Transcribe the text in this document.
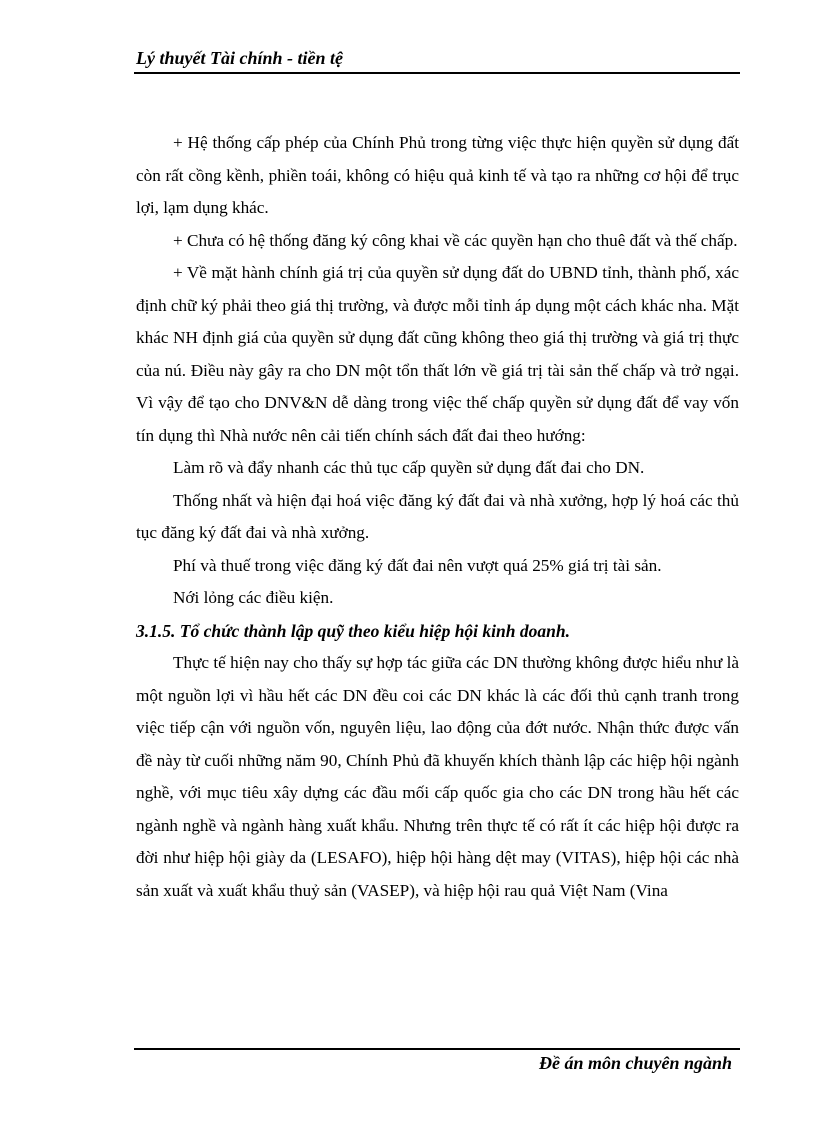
Lý thuyết Tài chính - tiền tệ

+ Hệ thống cấp phép của Chính Phủ trong từng việc thực hiện quyền sử dụng đất còn rất cồng kềnh, phiền toái, không có hiệu quả kinh tế và tạo ra những cơ hội để trục lợi, lạm dụng khác.

+ Chưa có hệ thống đăng ký công khai về các quyền hạn cho thuê đất và thế chấp.

+ Về mặt hành chính giá trị của quyền sử dụng đất do UBND tỉnh, thành phố, xác định chữ ký phải theo giá thị trường, và được mỗi tỉnh áp dụng một cách khác nha. Mặt khác NH định giá của quyền sử dụng đất cũng không theo giá thị trường và giá trị thực của nú. Điều này gây ra cho DN một tổn thất lớn về giá trị tài sản thế chấp và trở ngại. Vì vậy để tạo cho DNV&N dễ dàng trong việc thế chấp quyền sử dụng đất để vay vốn tín dụng thì Nhà nước nên cải tiến chính sách đất đai theo hướng:

Làm rõ và đẩy nhanh các thủ tục cấp quyền sử dụng đất đai cho DN.

Thống nhất và hiện đại hoá việc đăng ký đất đai và nhà xưởng, hợp lý hoá các thủ tục đăng ký đất đai và nhà xưởng.

Phí và thuế trong việc đăng ký đất đai nên vượt quá 25% giá trị tài sản.

Nới lỏng các điều kiện.

3.1.5. Tổ chức thành lập quỹ theo kiểu hiệp hội kinh doanh.

Thực tế hiện nay cho thấy sự hợp tác giữa các DN thường không được hiểu như là một nguồn lợi vì hầu hết các DN đều coi các DN khác là các đối thủ cạnh tranh trong việc tiếp cận với nguồn vốn, nguyên liệu, lao động của đớt nước. Nhận thức được vấn đề này từ cuối những năm 90, Chính Phủ đã khuyến khích thành lập các hiệp hội ngành nghề, với mục tiêu xây dựng các đầu mối cấp quốc gia cho các DN trong hầu hết các ngành nghề và ngành hàng xuất khẩu. Nhưng trên thực tế có rất ít các hiệp hội được ra đời như hiệp hội giày da (LESAFO), hiệp hội hàng dệt may (VITAS), hiệp hội các nhà sản xuất và xuất khẩu thuỷ sản (VASEP), và hiệp hội rau quả Việt Nam (Vina

Đề án môn chuyên ngành
